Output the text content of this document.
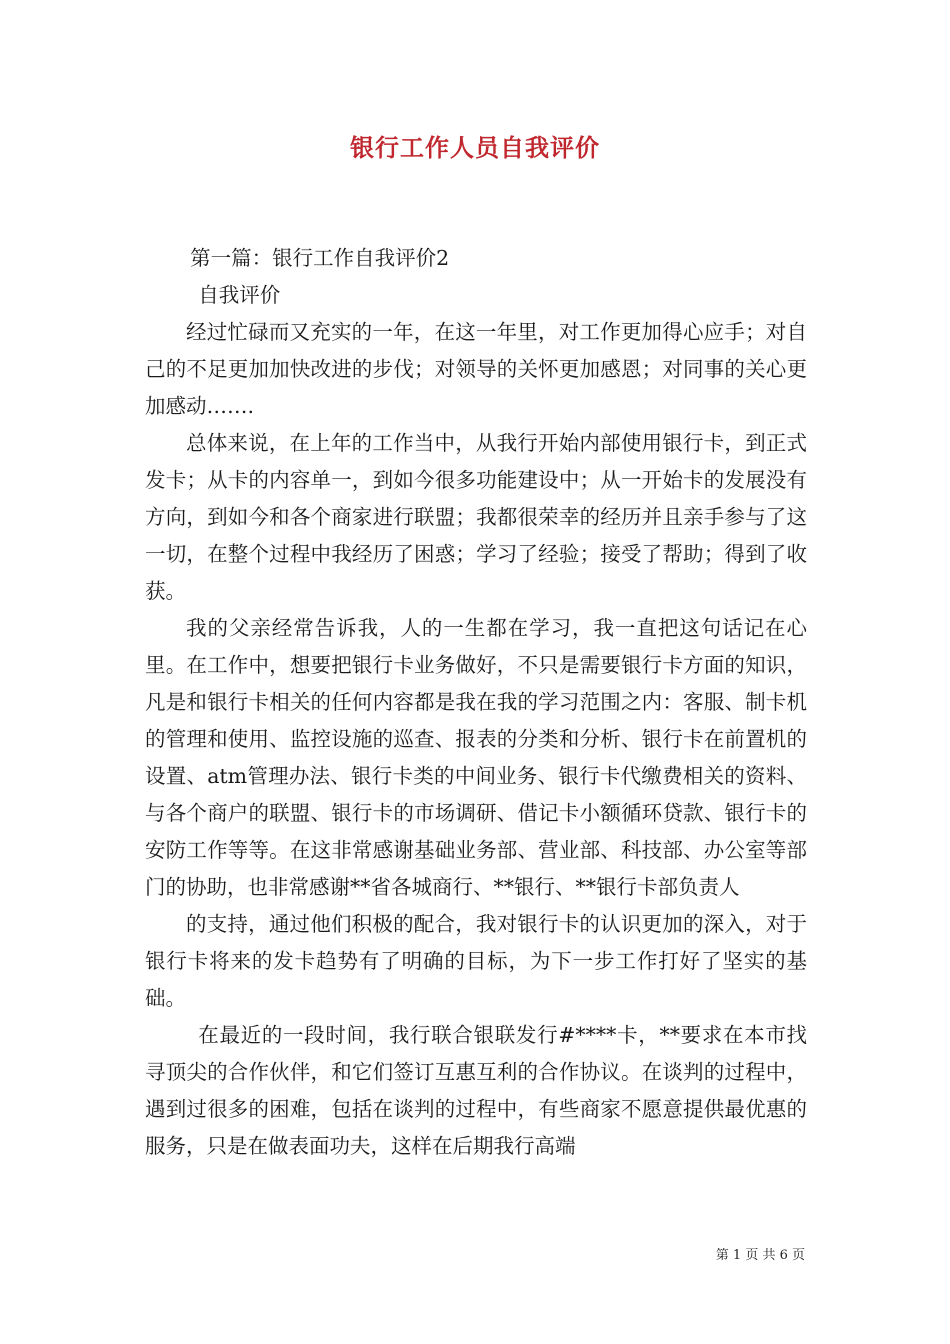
银行工作人员自我评价

第一篇：银行工作自我评价2

自我评价

经过忙碌而又充实的一年，在这一年里，对工作更加得心应手；对自己的不足更加加快改进的步伐；对领导的关怀更加感恩；对同事的关心更加感动…….

总体来说，在上年的工作当中，从我行开始内部使用银行卡，到正式发卡；从卡的内容单一，到如今很多功能建设中；从一开始卡的发展没有方向，到如今和各个商家进行联盟；我都很荣幸的经历并且亲手参与了这一切，在整个过程中我经历了困惑；学习了经验；接受了帮助；得到了收获。

我的父亲经常告诉我，人的一生都在学习，我一直把这句话记在心里。在工作中，想要把银行卡业务做好，不只是需要银行卡方面的知识，凡是和银行卡相关的任何内容都是我在我的学习范围之内：客服、制卡机的管理和使用、监控设施的巡查、报表的分类和分析、银行卡在前置机的设置、atm管理办法、银行卡类的中间业务、银行卡代缴费相关的资料、与各个商户的联盟、银行卡的市场调研、借记卡小额循环贷款、银行卡的安防工作等等。在这非常感谢基础业务部、营业部、科技部、办公室等部门的协助，也非常感谢**省各城商行、**银行、**银行卡部负责人

的支持，通过他们积极的配合，我对银行卡的认识更加的深入，对于银行卡将来的发卡趋势有了明确的目标，为下一步工作打好了坚实的基础。

在最近的一段时间，我行联合银联发行#****卡，**要求在本市找寻顶尖的合作伙伴，和它们签订互惠互利的合作协议。在谈判的过程中，遇到过很多的困难，包括在谈判的过程中，有些商家不愿意提供最优惠的服务，只是在做表面功夫，这样在后期我行高端

第 1 页 共 6 页
